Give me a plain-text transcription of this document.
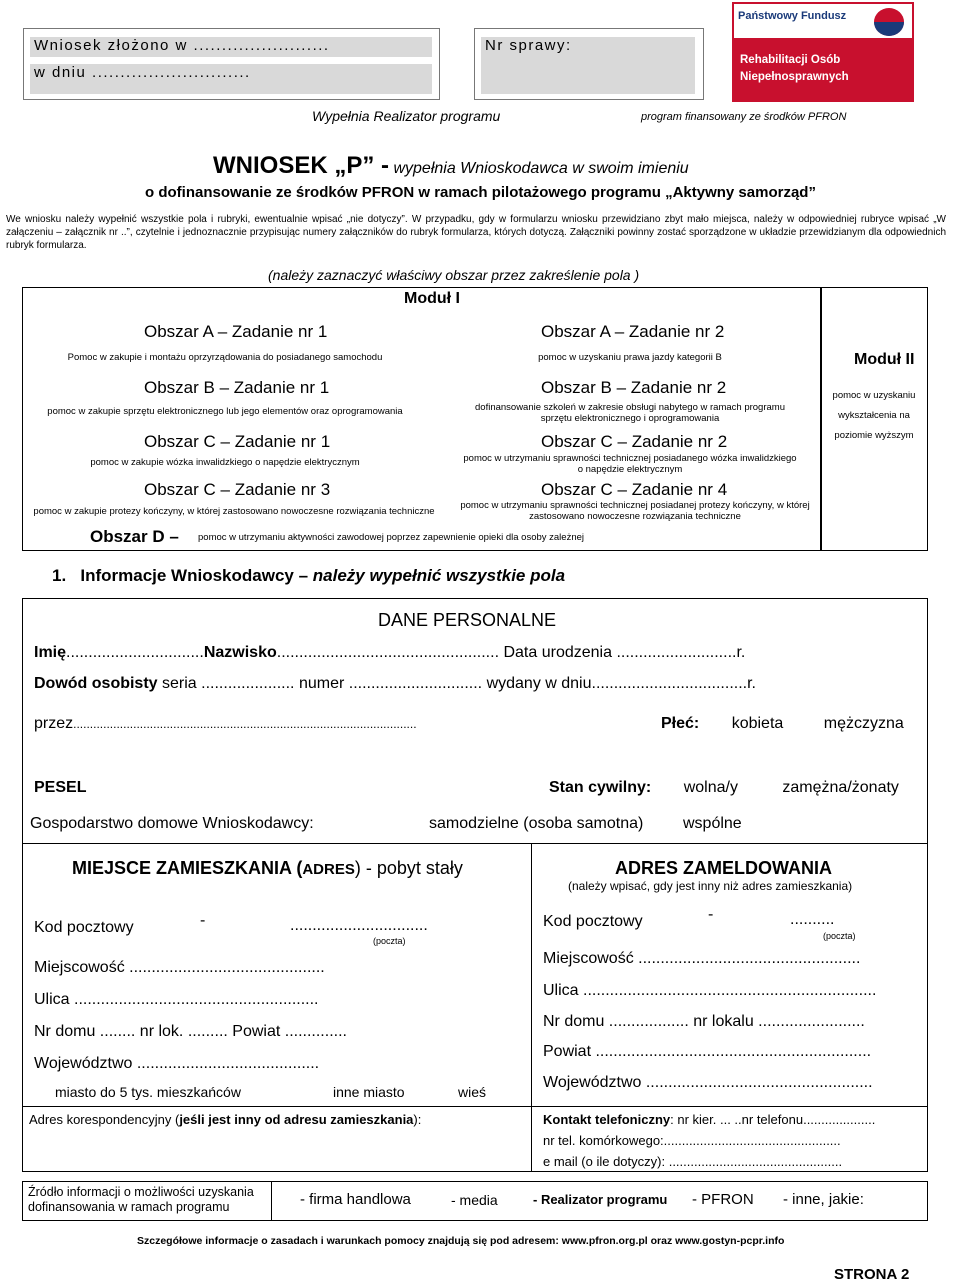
Wniosek złożono w ........................
w dniu ............................
Nr sprawy:
Wypełnia Realizator programu	program finansowany ze środków PFRON
Państwowy Fundusz
Rehabilitacji Osób
Niepełnosprawnych
WNIOSEK „P” - wypełnia Wnioskodawca w swoim imieniu
o dofinansowanie ze środków PFRON w ramach pilotażowego programu „Aktywny samorząd”
We wniosku należy wypełnić wszystkie pola i rubryki, ewentualnie wpisać „nie dotyczy”. W przypadku, gdy w formularzu wniosku przewidziano zbyt mało miejsca, należy w odpowiedniej rubryce wpisać „W załączeniu – załącznik nr ..”, czytelnie i jednoznacznie przypisując numery załączników do rubryk formularza, których dotyczą. Załączniki powinny zostać sporządzone w układzie przewidzianym dla odpowiednich rubryk formularza.
(należy zaznaczyć właściwy obszar przez zakreślenie pola )
Moduł I
Moduł II
pomoc w uzyskaniu
wykształcenia na
poziomie wyższym
Obszar A – Zadanie nr 1
Pomoc w zakupie i montażu oprzyrządowania do posiadanego samochodu
Obszar A – Zadanie nr 2
pomoc w uzyskaniu prawa jazdy kategorii B
Obszar B – Zadanie nr 1
pomoc w zakupie sprzętu elektronicznego lub jego elementów oraz oprogramowania
Obszar B – Zadanie nr 2
dofinansowanie szkoleń w zakresie obsługi nabytego w ramach programu sprzętu elektronicznego i oprogramowania
Obszar C – Zadanie nr 1
pomoc w zakupie wózka inwalidzkiego o napędzie elektrycznym
Obszar C – Zadanie nr 2
pomoc w utrzymaniu sprawności technicznej posiadanego wózka inwalidzkiego o napędzie elektrycznym
Obszar C – Zadanie nr 3
pomoc w zakupie protezy kończyny, w której zastosowano nowoczesne rozwiązania techniczne
Obszar C – Zadanie nr 4
pomoc w utrzymaniu sprawności technicznej posiadanej protezy kończyny, w której zastosowano nowoczesne rozwiązania techniczne
Obszar D – pomoc w utrzymaniu aktywności zawodowej poprzez zapewnienie opieki dla osoby zależnej
1. Informacje Wnioskodawcy – należy wypełnić wszystkie pola
DANE PERSONALNE
Imię...............................Nazwisko.................................................. Data urodzenia ...........................r.
Dowód osobisty seria ..................... numer .............................. wydany w dniu...................................r.
przez.......................................................................................................	Płeć: kobieta	mężczyzna
PESEL	Stan cywilny: wolna/y	zamężna/żonaty
Gospodarstwo domowe Wnioskodawcy:	samodzielne (osoba samotna) wspólne
MIEJSCE ZAMIESZKANIA (ADRES) - pobyt stały
Kod pocztowy	-	...............................
(poczta)
Miejscowość ............................................
Ulica .......................................................
Nr domu ........ nr lok. ......... Powiat ..............
Województwo .........................................
miasto do 5 tys. mieszkańców	inne miasto	wieś
ADRES ZAMELDOWANIA
(należy wpisać, gdy jest inny niż adres zamieszkania)
Kod pocztowy	-	..........
(poczta)
Miejscowość ..................................................
Ulica ..................................................................
Nr domu .................. nr lokalu ........................
Powiat ..............................................................
Województwo ...................................................
Adres korespondencyjny (jeśli jest inny od adresu zamieszkania):	Kontakt telefoniczny: nr kier. ... ..nr telefonu....................
nr tel. komórkowego:.................................................
e mail (o ile dotyczy): ................................................
Źródło informacji o możliwości uzyskania dofinansowania w ramach programu	- firma handlowa	- media	- Realizator programu - PFRON - inne, jakie:
Szczegółowe informacje o zasadach i warunkach pomocy znajdują się pod adresem: www.pfron.org.pl oraz www.gostyn-pcpr.info
STRONA 2
